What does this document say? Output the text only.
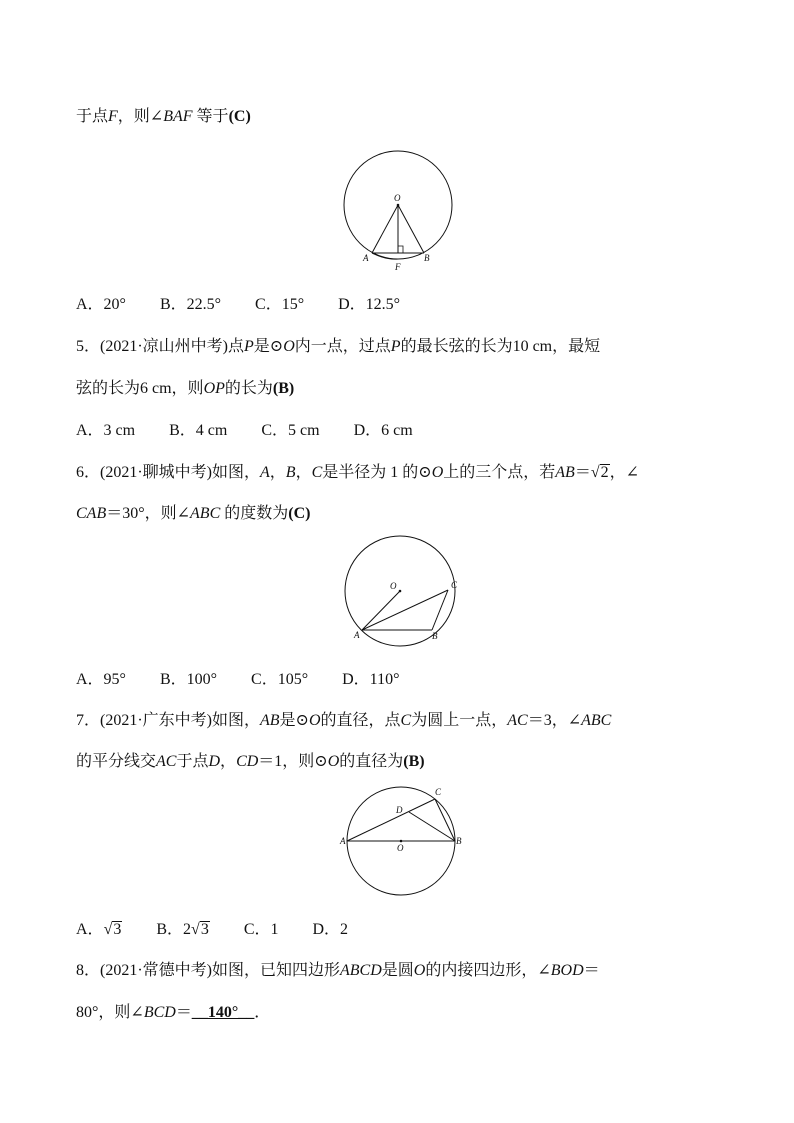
于点F，则∠BAF 等于(C)
O
A	B
F
A．20° B．22.5° C．15° D．12.5°
5．(2021·凉山州中考)点P是⊙O内一点，过点P的最长弦的长为10 cm，最短
弦的长为6 cm，则OP的长为(B)
A．3 cm B．4 cm C．5 cm D．6 cm
6．(2021·聊城中考)如图，A，B，C是半径为 1 的⊙O上的三个点，若AB＝√2，∠
CAB＝30°，则∠ABC 的度数为(C)
O
A	B
C
A．95° B．100° C．105° D．110°
7．(2021·广东中考)如图，AB是⊙O的直径，点C为圆上一点，AC＝3，∠ABC
的平分线交AC于点D，CD＝1，则⊙O的直径为(B)
A	B
C
D
O
A．√3 B．2√3 C．1 D．2
8．(2021·常德中考)如图，已知四边形ABCD是圆O的内接四边形，∠BOD＝
80°，则∠BCD＝__140°__．
